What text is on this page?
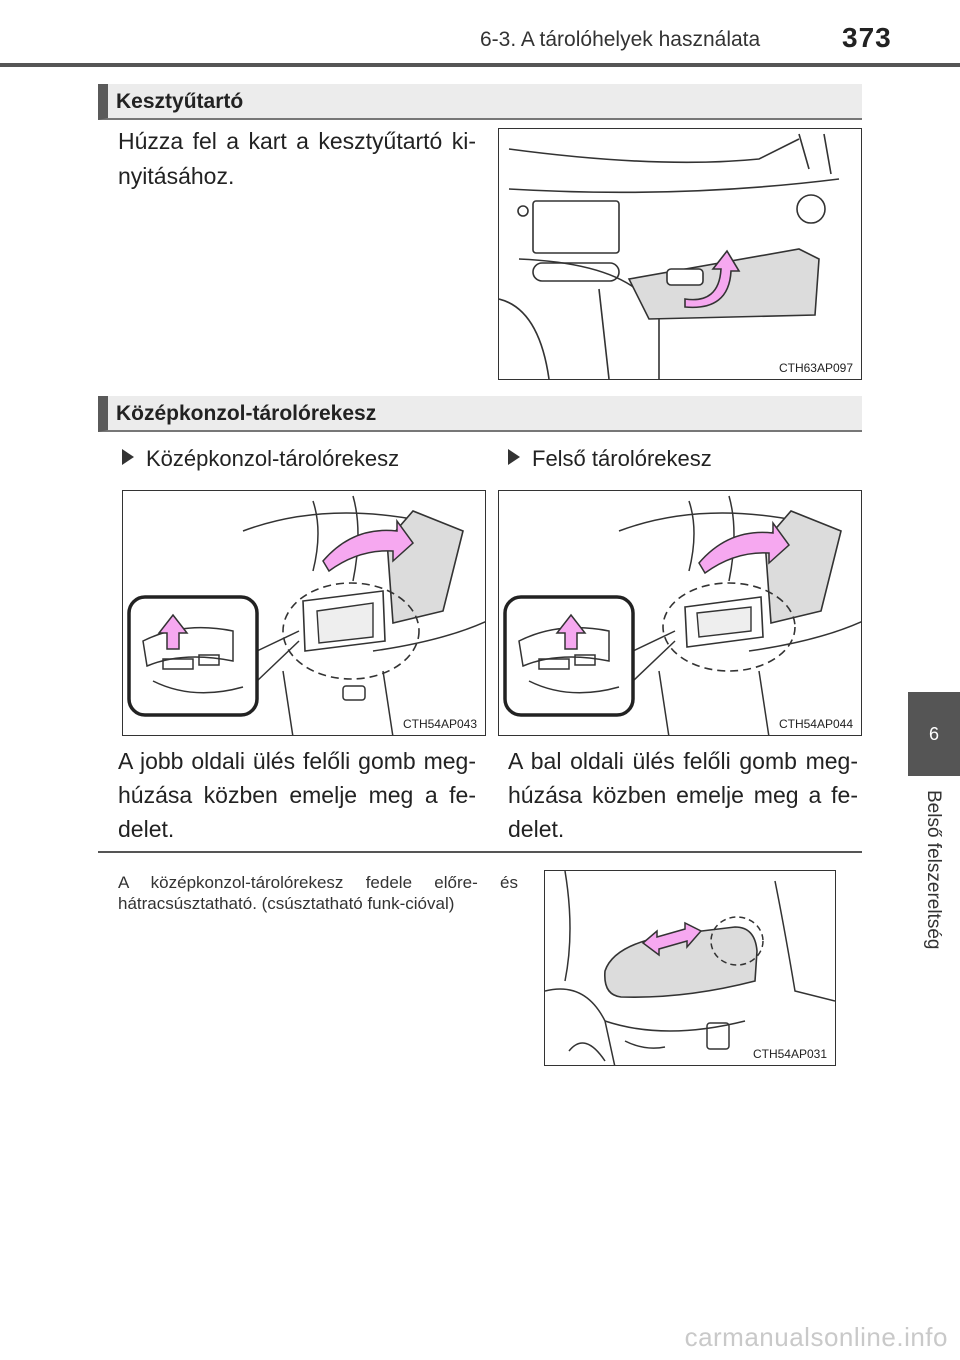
6-3. A tárolóhelyek használata	373
Kesztyűtartó
Húzza fel a kart a kesztyűtartó ki-nyitásához.
CTH63AP097
Középkonzol-tárolórekesz
Középkonzol-tárolórekesz	Felső tárolórekesz
CTH54AP043	CTH54AP044
A jobb oldali ülés felőli gomb meg-húzása közben emelje meg a fe-delet.
A bal oldali ülés felőli gomb meg-húzása közben emelje meg a fe-delet.
A középkonzol-tárolórekesz fedele előre- és hátracsúsztatható. (csúsztatható funk-cióval)
CTH54AP031
6
Belső felszereltség
carmanualsonline.info
